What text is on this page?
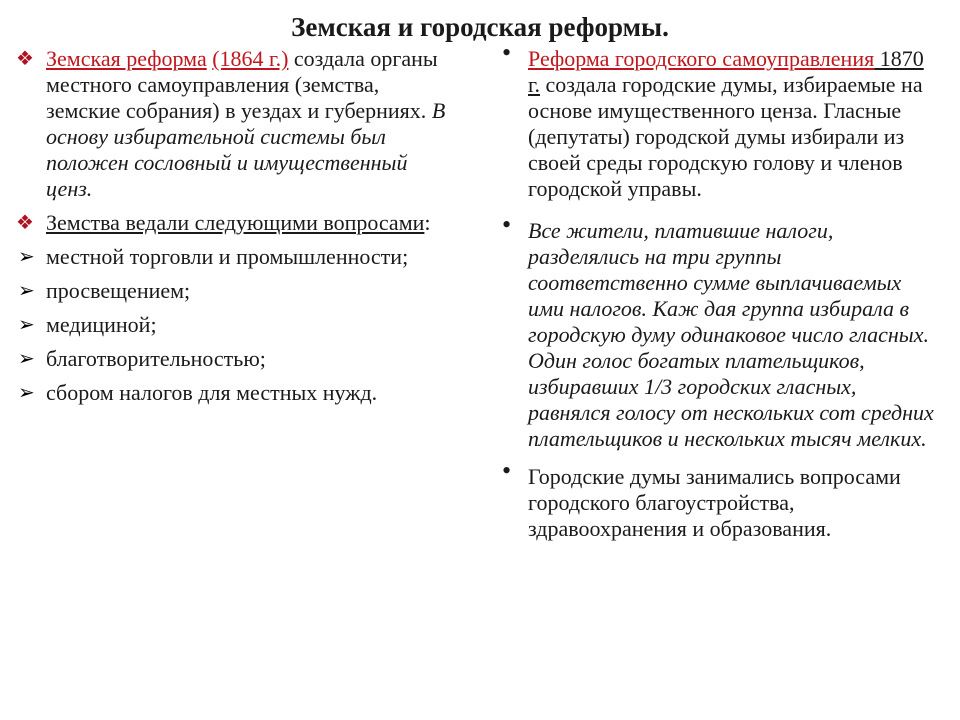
Земская и городская реформы.
❖ Земская реформа (1864 г.) создала органы местного самоуправления (земства, земские собрания) в уездах и губерниях. В основу избирательной системы был положен сословный и имущественный ценз.
❖ Земства ведали следующими вопросами:
➢ местной торговли и промышленности;
➢ просвещением;
➢ медициной;
➢ благотворительностью;
➢ сбором налогов для местных нужд.
• Реформа городского самоуправления 1870 г. создала городские думы, избираемые на основе имущественного ценза. Гласные (депутаты) городской думы избирали из своей среды городскую голову и членов городской управы.
• Все жители, платившие налоги, разделялись на три группы соответственно сумме выплачиваемых ими налогов. Каж дая группа избирала в городскую думу одинаковое число гласных. Один голос богатых плательщиков, избиравших 1/3 городских гласных, равнялся голосу от нескольких сот средних плательщиков и нескольких тысяч мелких.
• Городские думы занимались вопросами городского благоустройства, здравоохранения и образования.
